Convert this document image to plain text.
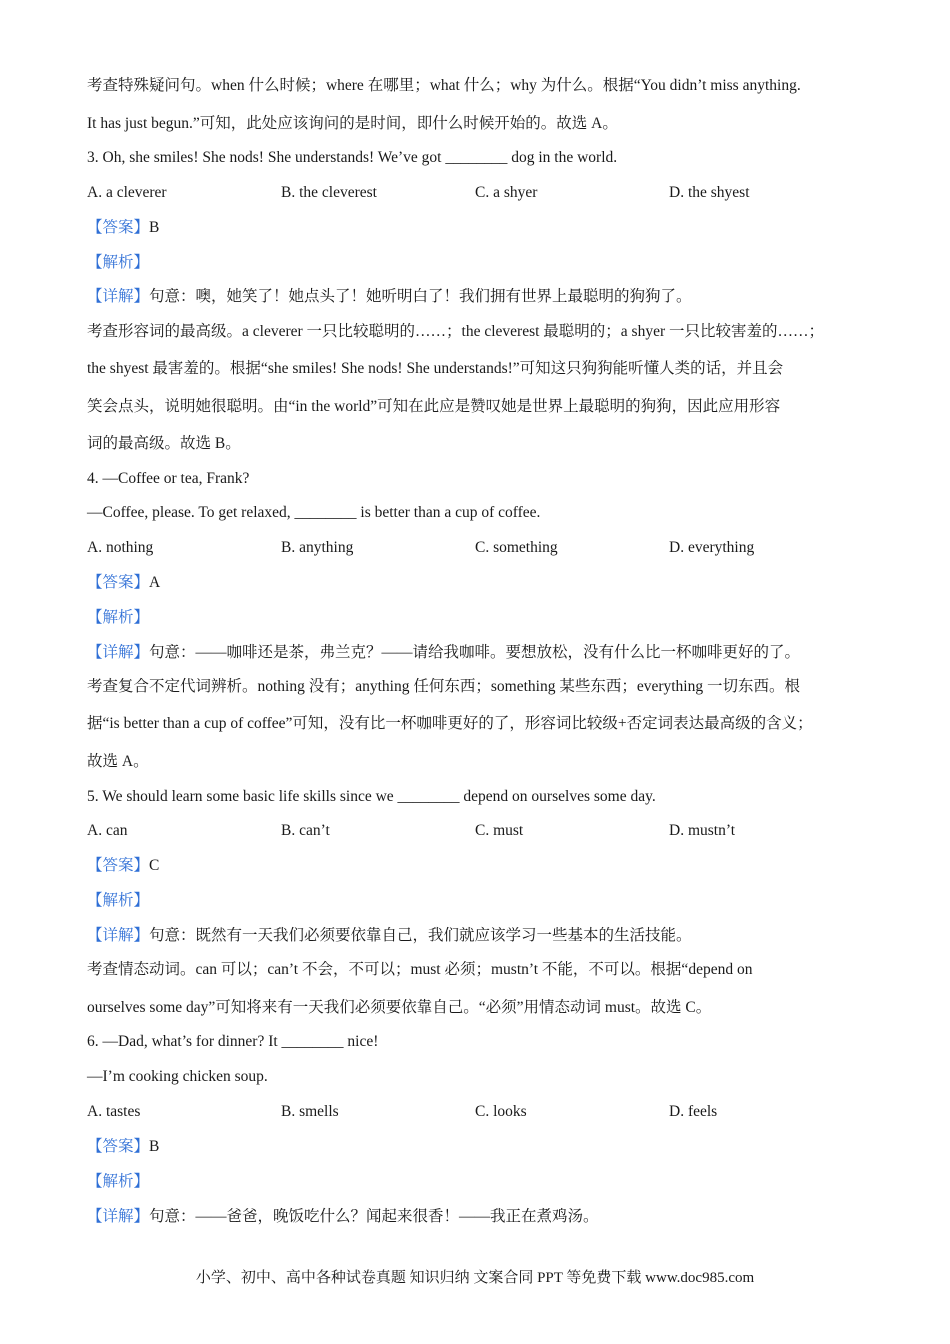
考查特殊疑问句。when 什么时候；where 在哪里；what 什么；why 为什么。根据“You didn’t miss anything.
It has just begun.”可知，此处应该询问的是时间，即什么时候开始的。故选 A。
3. Oh, she smiles! She nods! She understands! We’ve got ________ dog in the world.
A. a cleverer	B. the cleverest	C. a shyer	D. the shyest
【答案】B
【解析】
【详解】句意：噢，她笑了！她点头了！她听明白了！我们拥有世界上最聪明的狗狗了。
考查形容词的最高级。a cleverer 一只比较聪明的……；the cleverest 最聪明的；a shyer 一只比较害羞的……；
the shyest 最害羞的。根据“she smiles! She nods! She understands!”可知这只狗狗能听懂人类的话，并且会
笑会点头，说明她很聪明。由“in the world”可知在此应是赞叹她是世界上最聪明的狗狗，因此应用形容
词的最高级。故选 B。
4. —Coffee or tea, Frank?
—Coffee, please. To get relaxed, ________ is better than a cup of coffee.
A. nothing	B. anything	C. something	D. everything
【答案】A
【解析】
【详解】句意：——咖啡还是茶，弗兰克？——请给我咖啡。要想放松，没有什么比一杯咖啡更好的了。
考查复合不定代词辨析。nothing 没有；anything 任何东西；something 某些东西；everything 一切东西。根
据“is better than a cup of coffee”可知，没有比一杯咖啡更好的了，形容词比较级+否定词表达最高级的含义；
故选 A。
5. We should learn some basic life skills since we ________ depend on ourselves some day.
A. can	B. can’t	C. must	D. mustn’t
【答案】C
【解析】
【详解】句意：既然有一天我们必须要依靠自己，我们就应该学习一些基本的生活技能。
考查情态动词。can 可以；can’t 不会，不可以；must 必须；mustn’t 不能，不可以。根据“depend on
ourselves some day”可知将来有一天我们必须要依靠自己。“必须”用情态动词 must。故选 C。
6. —Dad, what’s for dinner? It ________ nice!
—I’m cooking chicken soup.
A. tastes	B. smells	C. looks	D. feels
【答案】B
【解析】
【详解】句意：——爸爸，晚饭吃什么？闻起来很香！——我正在煮鸡汤。
小学、初中、高中各种试卷真题 知识归纳 文案合同 PPT 等免费下载 www.doc985.com
